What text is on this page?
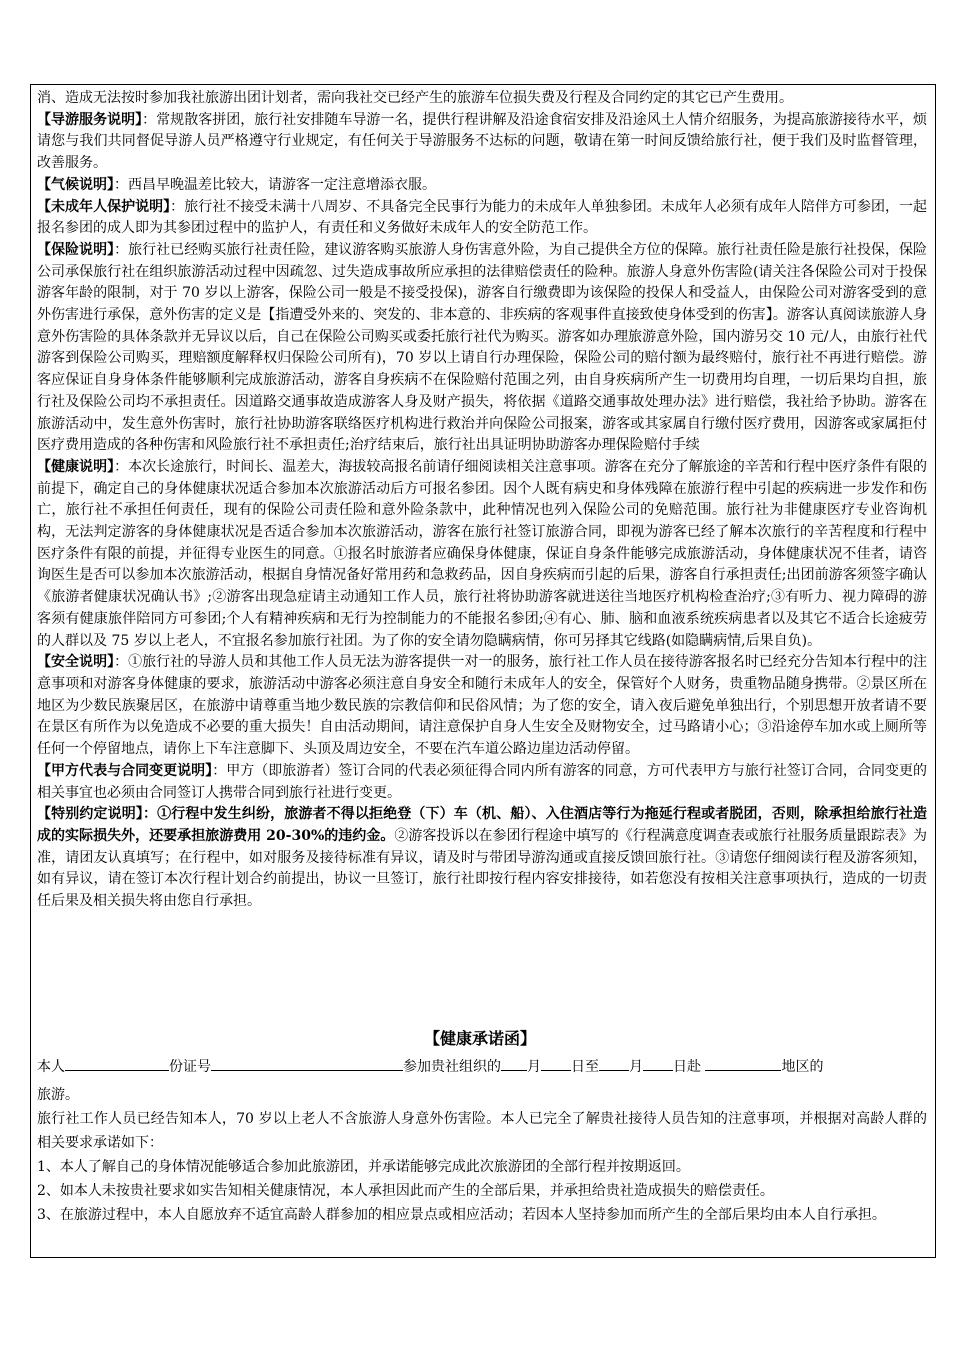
消、造成无法按时参加我社旅游出团计划者，需向我社交已经产生的旅游车位损失费及行程及合同约定的其它已产生费用。

【导游服务说明】：常规散客拼团，旅行社安排随车导游一名，提供行程讲解及沿途食宿安排及沿途风土人情介绍服务，为提高旅游接待水平，烦请您与我们共同督促导游人员严格遵守行业规定，有任何关于导游服务不达标的问题，敬请在第一时间反馈给旅行社，便于我们及时监督管理，改善服务。

【气候说明】：西昌早晚温差比较大，请游客一定注意增添衣服。

【未成年人保护说明】：旅行社不接受未满十八周岁、不具备完全民事行为能力的未成年人单独参团。未成年人必须有成年人陪伴方可参团，一起报名参团的成人即为其参团过程中的监护人，有责任和义务做好未成年人的安全防范工作。

【保险说明】：旅行社已经购买旅行社责任险，建议游客购买旅游人身伤害意外险，为自己提供全方位的保障。旅行社责任险是旅行社投保，保险公司承保旅行社在组织旅游活动过程中因疏忽、过失造成事故所应承担的法律赔偿责任的险种。旅游人身意外伤害险(请关注各保险公司对于投保游客年龄的限制，对于 70 岁以上游客，保险公司一般是不接受投保)，游客自行缴费即为该保险的投保人和受益人，由保险公司对游客受到的意外伤害进行承保，意外伤害的定义是【指遭受外来的、突发的、非本意的、非疾病的客观事件直接致使身体受到的伤害】。游客认真阅读旅游人身意外伤害险的具体条款并无异议以后，自己在保险公司购买或委托旅行社代为购买。游客如办理旅游意外险，国内游另交 10 元/人，由旅行社代游客到保险公司购买，理赔额度解释权归保险公司所有)，70 岁以上请自行办理保险，保险公司的赔付额为最终赔付，旅行社不再进行赔偿。游客应保证自身身体条件能够顺利完成旅游活动，游客自身疾病不在保险赔付范围之列，由自身疾病所产生一切费用均自理，一切后果均自担，旅行社及保险公司均不承担责任。因道路交通事故造成游客人身及财产损失，将依据《道路交通事故处理办法》进行赔偿，我社给予协助。游客在旅游活动中，发生意外伤害时，旅行社协助游客联络医疗机构进行救治并向保险公司报案，游客或其家属自行缴付医疗费用，因游客或家属拒付医疗费用造成的各种伤害和风险旅行社不承担责任;治疗结束后，旅行社出具证明协助游客办理保险赔付手续

【健康说明】：本次长途旅行，时间长、温差大，海拔较高报名前请仔细阅读相关注意事项。游客在充分了解旅途的辛苦和行程中医疗条件有限的前提下，确定自己的身体健康状况适合参加本次旅游活动后方可报名参团。因个人既有病史和身体残障在旅游行程中引起的疾病进一步发作和伤亡，旅行社不承担任何责任，现有的保险公司责任险和意外险条款中，此种情况也列入保险公司的免赔范围。旅行社为非健康医疗专业咨询机构，无法判定游客的身体健康状况是否适合参加本次旅游活动，游客在旅行社签订旅游合同，即视为游客已经了解本次旅行的辛苦程度和行程中医疗条件有限的前提，并征得专业医生的同意。①报名时旅游者应确保身体健康，保证自身条件能够完成旅游活动，身体健康状况不佳者，请咨询医生是否可以参加本次旅游活动，根据自身情况备好常用药和急救药品，因自身疾病而引起的后果，游客自行承担责任;出团前游客须签字确认《旅游者健康状况确认书》;②游客出现急症请主动通知工作人员，旅行社将协助游客就进送往当地医疗机构检查治疗;③有听力、视力障碍的游客须有健康旅伴陪同方可参团;个人有精神疾病和无行为控制能力的不能报名参团;④有心、肺、脑和血液系统疾病患者以及其它不适合长途疲劳的人群以及 75 岁以上老人，不宜报名参加旅行社团。为了你的安全请勿隐瞒病情，你可另择其它线路(如隐瞒病情,后果自负)。

【安全说明】：①旅行社的导游人员和其他工作人员无法为游客提供一对一的服务，旅行社工作人员在接待游客报名时已经充分告知本行程中的注意事项和对游客身体健康的要求，旅游活动中游客必须注意自身安全和随行未成年人的安全，保管好个人财务，贵重物品随身携带。②景区所在地区为少数民族聚居区，在旅游中请尊重当地少数民族的宗教信仰和民俗风情；为了您的安全，请入夜后避免单独出行，个别思想开放者请不要在景区有所作为以免造成不必要的重大损失！自由活动期间，请注意保护自身人生安全及财物安全，过马路请小心；③沿途停车加水或上厕所等任何一个停留地点，请你上下车注意脚下、头顶及周边安全，不要在汽车道公路边崖边活动停留。

【甲方代表与合同变更说明】：甲方（即旅游者）签订合同的代表必须征得合同内所有游客的同意，方可代表甲方与旅行社签订合同，合同变更的相关事宜也必须由合同签订人携带合同到旅行社进行变更。

【特别约定说明】：①行程中发生纠纷，旅游者不得以拒绝登（下）车（机、船）、入住酒店等行为拖延行程或者脱团，否则，除承担给旅行社造成的实际损失外，还要承担旅游费用 20-30%的违约金。②游客投诉以在参团行程途中填写的《行程满意度调查表或旅行社服务质量跟踪表》为准，请团友认真填写；在行程中，如对服务及接待标准有异议，请及时与带团导游沟通或直接反馈回旅行社。③请您仔细阅读行程及游客须知，如有异议，请在签订本次行程计划合约前提出，协议一旦签订，旅行社即按行程内容安排接待，如若您没有按相关注意事项执行，造成的一切责任后果及相关损失将由您自行承担。

【健康承诺函】

本人	份证号	参加贵社组织的 月 日至 月 日赴	地区的

旅游。

旅行社工作人员已经告知本人，70 岁以上老人不含旅游人身意外伤害险。本人已完全了解贵社接待人员告知的注意事项，并根据对高龄人群的相关要求承诺如下：

1、本人了解自己的身体情况能够适合参加此旅游团，并承诺能够完成此次旅游团的全部行程并按期返回。

2、如本人未按贵社要求如实告知相关健康情况，本人承担因此而产生的全部后果，并承担给贵社造成损失的赔偿责任。

3、在旅游过程中，本人自愿放弃不适宜高龄人群参加的相应景点或相应活动；若因本人坚持参加而所产生的全部后果均由本人自行承担。
